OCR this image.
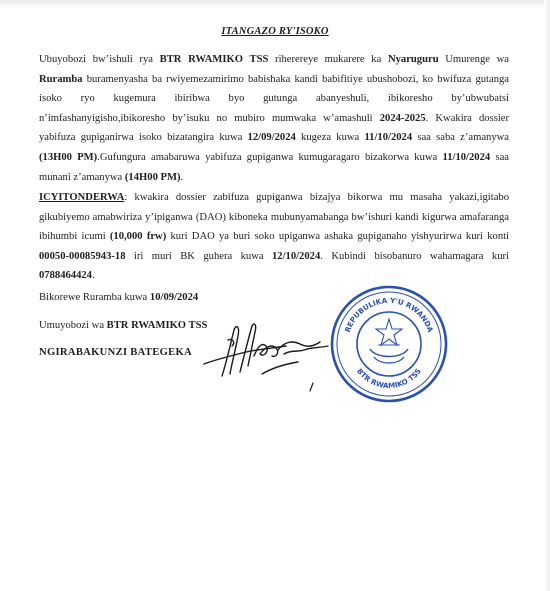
ITANGAZO RY'ISOKO
Ubuyobozi bw’ishuli rya BTR RWAMIKO TSS riherereye mukarere ka Nyaruguru Umurenge wa Ruramba buramenyasha ba rwiyemezamirimo babishaka kandi babifitiye ubushobozi, ko bwifuza gutanga isoko ryo kugemura ibiribwa byo gutunga abanyeshuli, ibikoresho by’ubwubatsi n’imfashanyigisho,ibikoresho by’isuku no mubiro mumwaka w’amashuli 2024-2025. Kwakira dossier yabifuza gupiganirwa isoko bizatangira kuwa 12/09/2024 kugeza kuwa 11/10/2024 saa saba z’amanywa (13H00 PM).Gufungura amabaruwa yabifuza gupiganwa kumugaragaro bizakorwa kuwa 11/10/2024 saa munani z’amanywa (14H00 PM).
ICYITONDERWA: kwakira dossier zabifuza gupiganwa bizajya bikorwa mu masaha yakazi,igitabo gikubiyemo amabwiriza y’ipiganwa (DAO) kiboneka mubunyamabanga bw’ishuri kandi kigurwa amafaranga ibihumbi icumi (10,000 frw) kuri DAO ya buri soko upiganwa ashaka gupiganaho yishyurirwa kuri konti 00050-00085943-18 iri muri BK guhera kuwa 12/10/2024. Kubindi bisobanuro wahamagara kuri 0788464424.
Bikorewe Ruramba kuwa 10/09/2024
Umuyobozi wa BTR RWAMIKO TSS
NGIRABAKUNZI BATEGEKA
REPUBULIKA Y'U RWANDA
BTR RWAMIKO TSS
